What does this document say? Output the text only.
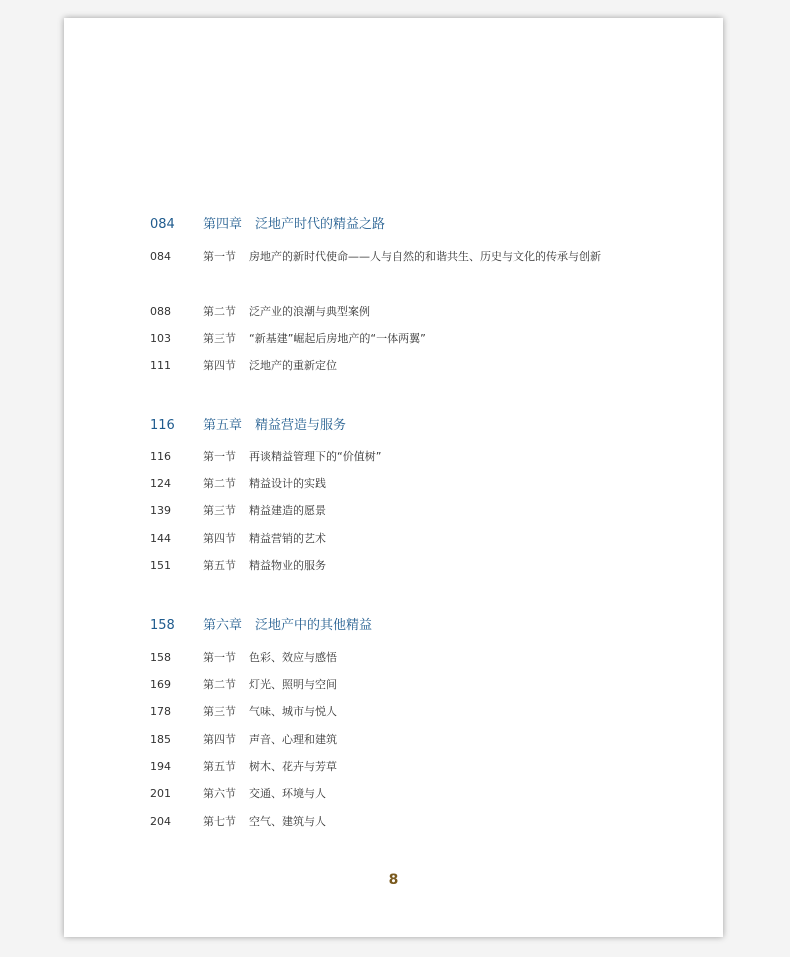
084	第四章 泛地产时代的精益之路
084	第一节 房地产的新时代使命——人与自然的和谐共生、历史与文化的传承与创新
088	第二节 泛产业的浪潮与典型案例
103	第三节 “新基建”崛起后房地产的“一体两翼”
111	第四节 泛地产的重新定位
116	第五章 精益营造与服务
116	第一节 再谈精益管理下的“价值树”
124	第二节 精益设计的实践
139	第三节 精益建造的愿景
144	第四节 精益营销的艺术
151	第五节 精益物业的服务
158	第六章 泛地产中的其他精益
158	第一节 色彩、效应与感悟
169	第二节 灯光、照明与空间
178	第三节 气味、城市与悦人
185	第四节 声音、心理和建筑
194	第五节 树木、花卉与芳草
201	第六节 交通、环境与人
204	第七节 空气、建筑与人
8
